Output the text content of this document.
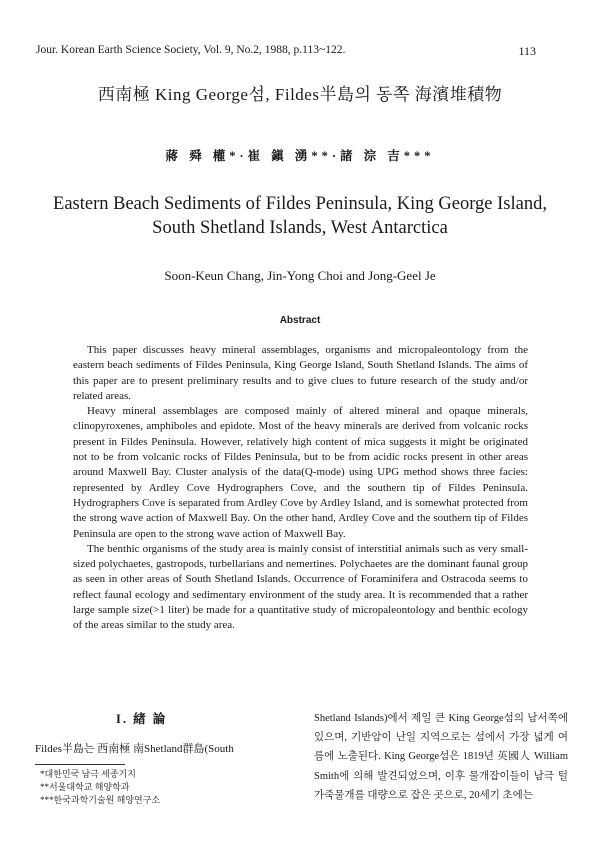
Jour. Korean Earth Science Society, Vol. 9, No.2, 1988, p.113~122.	113
西南極 King George섬, Fildes半島의 동쪽 海濱堆積物
蔣 舜 權*·崔 鎭 湧**·諸 淙 吉***
Eastern Beach Sediments of Fildes Peninsula, King George Island, South Shetland Islands, West Antarctica
Soon-Keun Chang, Jin-Yong Choi and Jong-Geel Je
Abstract

This paper discusses heavy mineral assemblages, organisms and micropaleontology from the eastern beach sediments of Fildes Peninsula, King George Island, South Shetland Islands. The aims of this paper are to present preliminary results and to give clues to future research of the study and/or related areas.

Heavy mineral assemblages are composed mainly of altered mineral and opaque minerals, clinopyroxenes, amphiboles and epidote. Most of the heavy minerals are derived from volcanic rocks present in Fildes Peninsula. However, relatively high content of mica suggests it might be originated not to be from volcanic rocks of Fildes Peninsula, but to be from acidic rocks present in other areas around Maxwell Bay. Cluster analysis of the data(Q-mode) using UPG method shows three facies: represented by Ardley Cove Hydrographers Cove, and the southern tip of Fildes Peninsula. Hydrographers Cove is separated from Ardley Cove by Ardley Island, and is somewhat protected from the strong wave action of Maxwell Bay. On the other hand, Ardley Cove and the southern tip of Fildes Peninsula are open to the strong wave action of Maxwell Bay.

The benthic organisms of the study area is mainly consist of interstitial animals such as very small-sized polychaetes, gastropods, turbellarians and nemertines. Polychaetes are the dominant faunal group as seen in other areas of South Shetland Islands. Occurrence of Foraminifera and Ostracoda seems to reflect faunal ecology and sedimentary environment of the study area. It is recommended that a rather large sample size(>1 liter) be made for a quantitative study of micropaleontology and benthic ecology of the areas similar to the study area.

I. 緖 論
Fildes半島는 西南極 南Shetland群島(South
*대한민국 남극 세종기지
**서울대학교 해양학과
***한국과학기술원 해양연구소
Shetland Islands)에서 제일 큰 King George섬의 남서쪽에 있으며, 기반암이 난일 지역으로는 섬에서 가장 넓게 여름에 노출된다. King George섬은 1819년 英國人 William Smith에 의해 발견되었으며, 이후 물개잡이들이 남극 털가죽물개를 대량으로 잡은 곳으로, 20세기 초에는
